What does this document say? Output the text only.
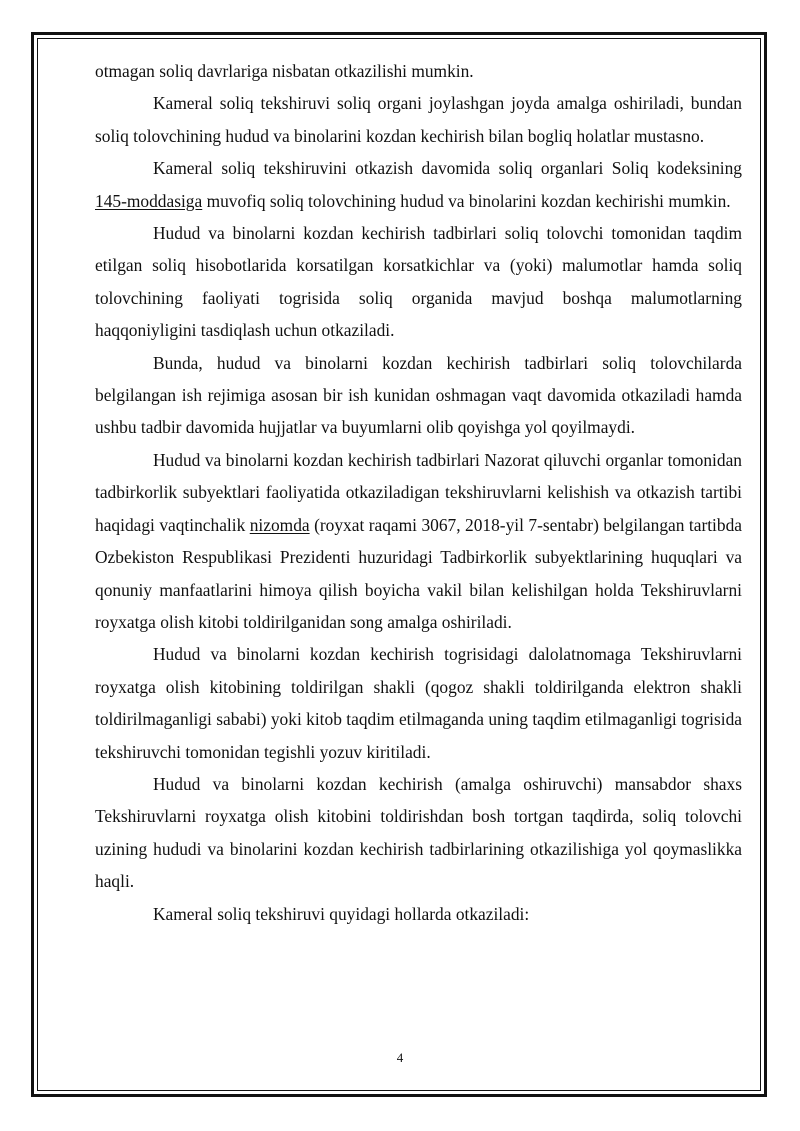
otmagan soliq davrlariga nisbatan otkazilishi mumkin.

Kameral soliq tekshiruvi soliq organi joylashgan joyda amalga oshiriladi, bundan soliq tolovchining hudud va binolarini kozdan kechirish bilan bogliq holatlar mustasno.

Kameral soliq tekshiruvini otkazish davomida soliq organlari Soliq kodeksining 145-moddasiga muvofiq soliq tolovchining hudud va binolarini kozdan kechirishi mumkin.

Hudud va binolarni kozdan kechirish tadbirlari soliq tolovchi tomonidan taqdim etilgan soliq hisobotlarida korsatilgan korsatkichlar va (yoki) malumotlar hamda soliq tolovchining faoliyati togrisida soliq organida mavjud boshqa malumotlarning haqqoniyligini tasdiqlash uchun otkaziladi.

Bunda, hudud va binolarni kozdan kechirish tadbirlari soliq tolovchilarda belgilangan ish rejimiga asosan bir ish kunidan oshmagan vaqt davomida otkaziladi hamda ushbu tadbir davomida hujjatlar va buyumlarni olib qoyishga yol qoyilmaydi.

Hudud va binolarni kozdan kechirish tadbirlari Nazorat qiluvchi organlar tomonidan tadbirkorlik subyektlari faoliyatida otkaziladigan tekshiruvlarni kelishish va otkazish tartibi haqidagi vaqtinchalik nizomda (royxat raqami 3067, 2018-yil 7-sentabr) belgilangan tartibda Ozbekiston Respublikasi Prezidenti huzuridagi Tadbirkorlik subyektlarining huquqlari va qonuniy manfaatlarini himoya qilish boyicha vakil bilan kelishilgan holda Tekshiruvlarni royxatga olish kitobi toldirilganidan song amalga oshiriladi.

Hudud va binolarni kozdan kechirish togrisidagi dalolatnomaga Tekshiruvlarni royxatga olish kitobining toldirilgan shakli (qogoz shakli toldirilganda elektron shakli toldirilmaganligi sababi) yoki kitob taqdim etilmaganda uning taqdim etilmaganligi togrisida tekshiruvchi tomonidan tegishli yozuv kiritiladi.

Hudud va binolarni kozdan kechirish (amalga oshiruvchi) mansabdor shaxs Tekshiruvlarni royxatga olish kitobini toldirishdan bosh tortgan taqdirda, soliq tolovchi uzining hududi va binolarini kozdan kechirish tadbirlarining otkazilishiga yol qoymaslikka haqli.

Kameral soliq tekshiruvi quyidagi hollarda otkaziladi:

4
